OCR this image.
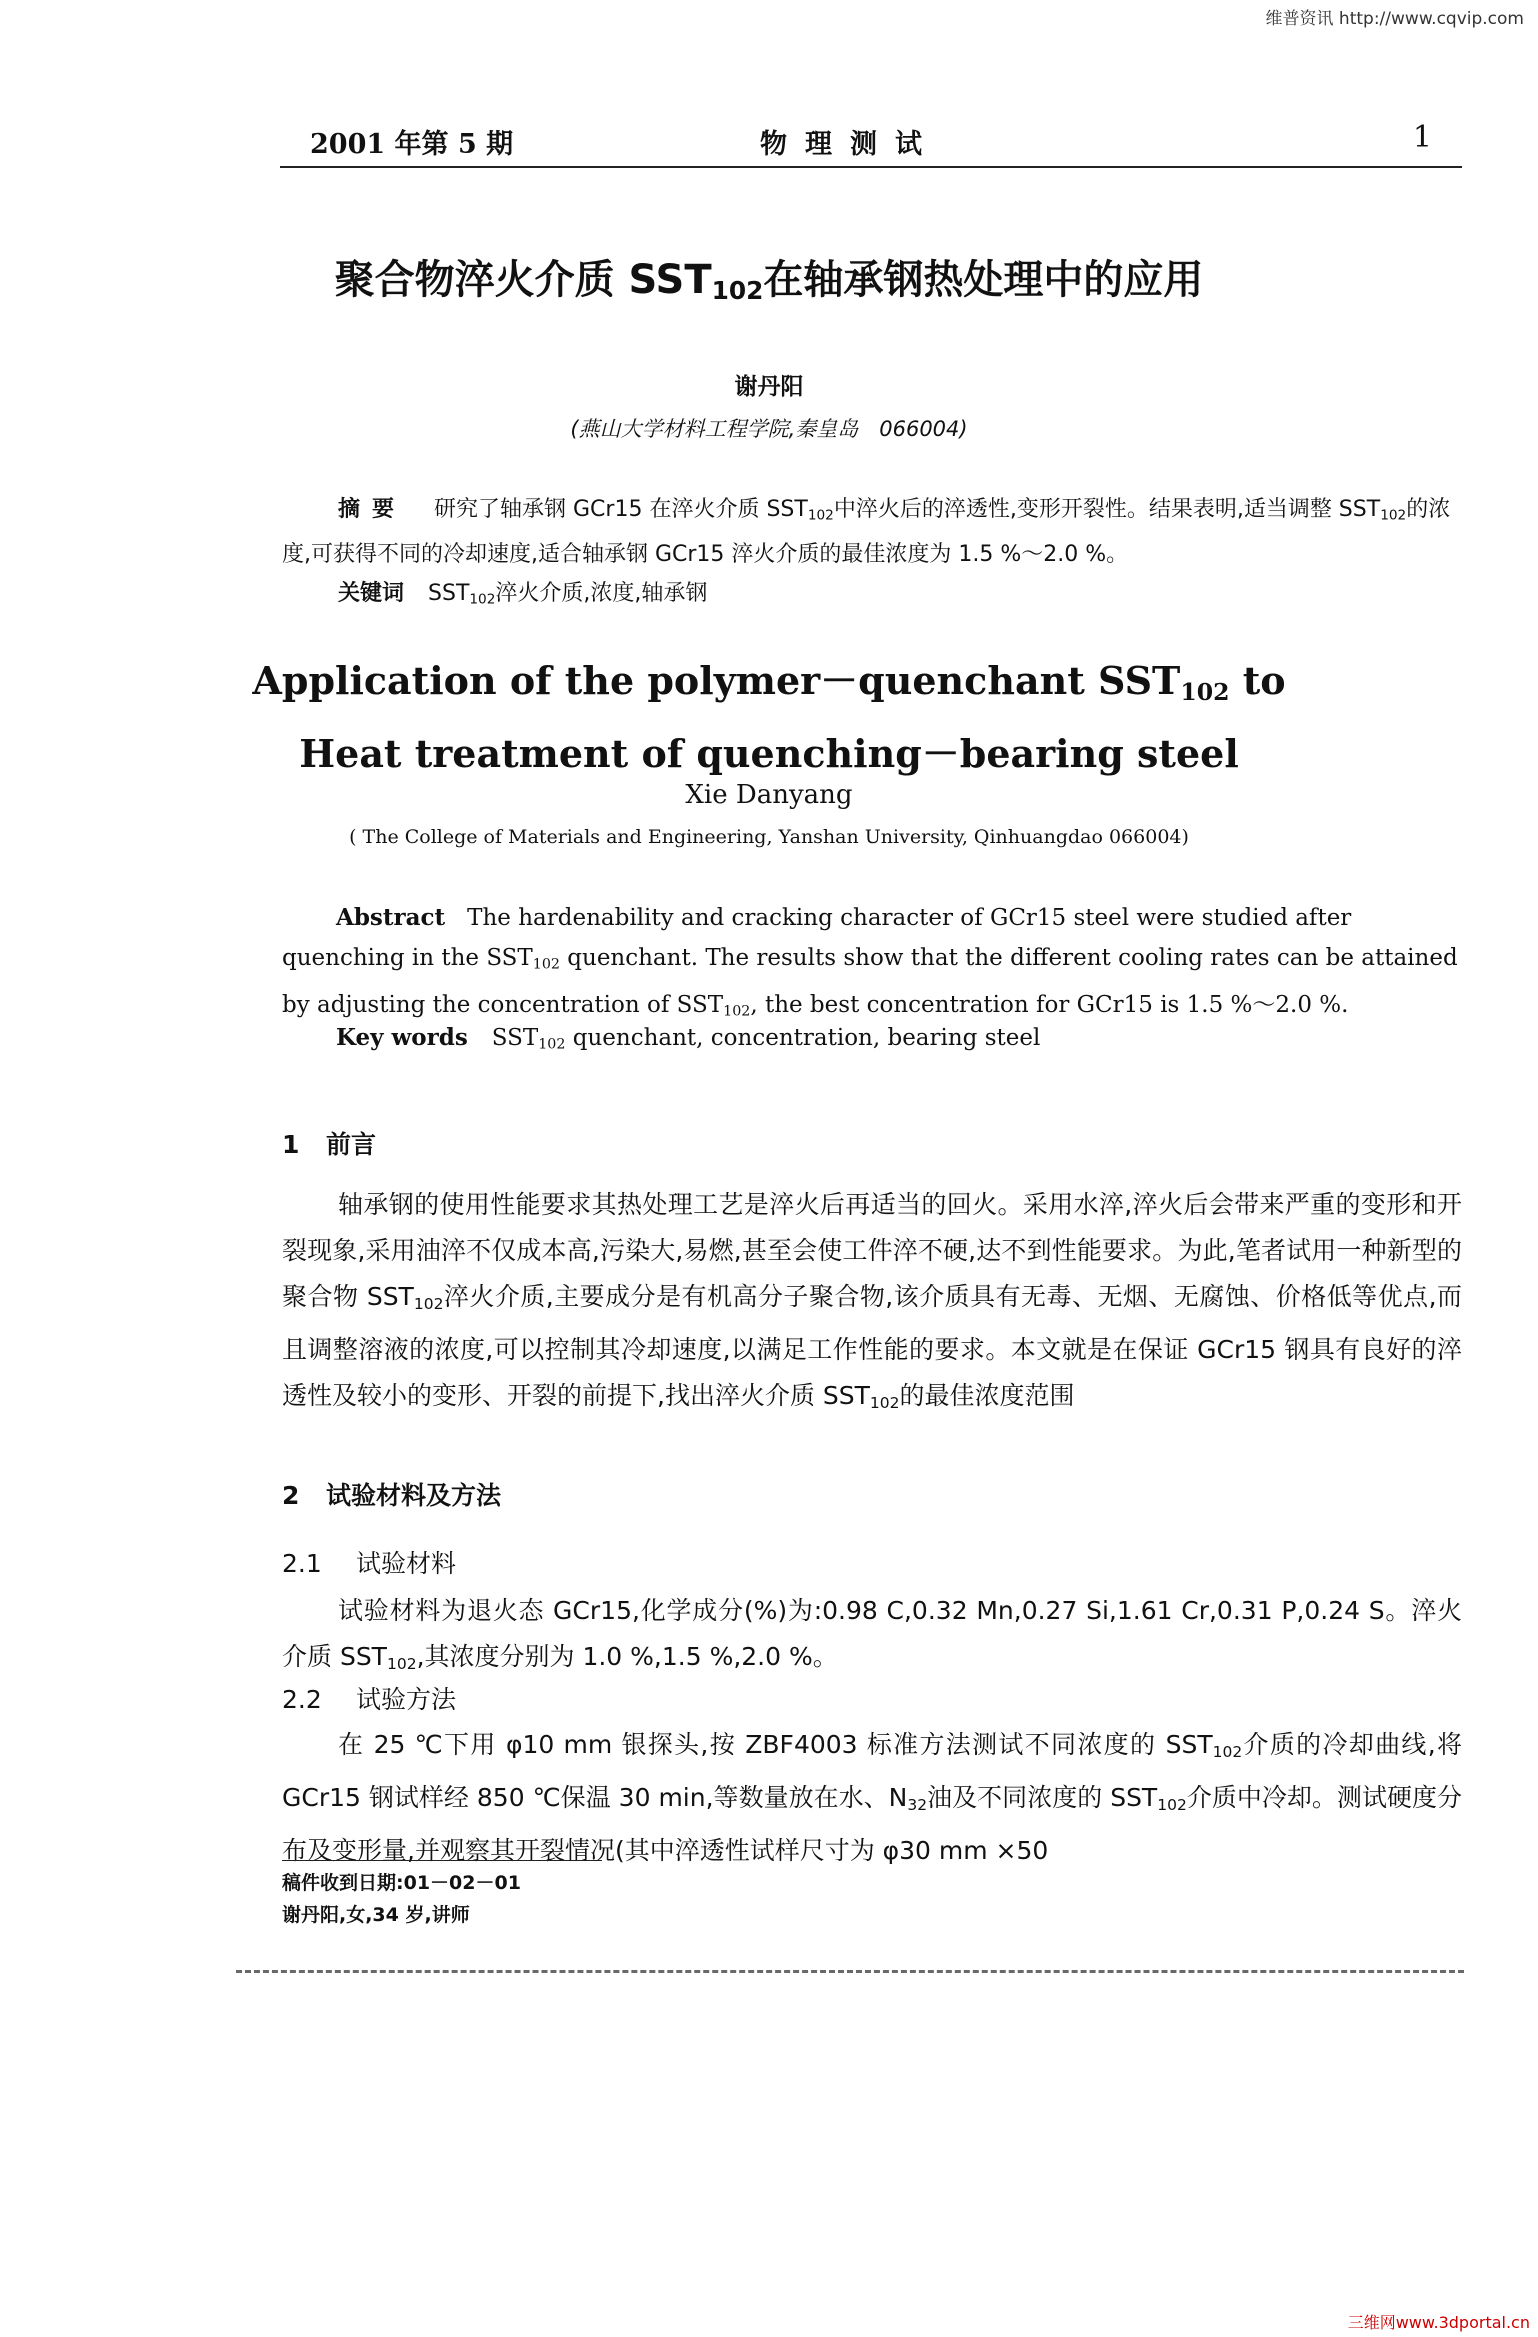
维普资讯 http://www.cqvip.com
2001 年第 5 期	物理测试	1
聚合物淬火介质 $SST_{102}$在轴承钢热处理中的应用
谢丹阳
(燕山大学材料工程学院,秦皇岛　066004)
摘要 研究了轴承钢 GCr15 在淬火介质 $SST_{102}$中淬火后的淬透性,变形开裂性。结果表明,适当调整 $SST_{102}$的浓度,可获得不同的冷却速度,适合轴承钢 GCr15 淬火介质的最佳浓度为 1.5 %～2.0 %。
关键词 $SST_{102}$淬火介质,浓度,轴承钢
Application of the polymer－quenchant $SST_{102}$ to
Heat treatment of quenching－bearing steel
Xie Danyang
( The College of Materials and Engineering, Yanshan University, Qinhuangdao 066004)
Abstract The hardenability and cracking character of GCr15 steel were studied after quenching in the $SST_{102}$ quenchant. The results show that the different cooling rates can be attained by adjusting the concentration of $SST_{102}$, the best concentration for GCr15 is 1.5 %～2.0 %.
Key words $SST_{102}$ quenchant, concentration, bearing steel
1 前言
轴承钢的使用性能要求其热处理工艺是淬火后再适当的回火。采用水淬,淬火后会带来严重的变形和开裂现象,采用油淬不仅成本高,污染大,易燃,甚至会使工件淬不硬,达不到性能要求。为此,笔者试用一种新型的聚合物 $SST_{102}$淬火介质,主要成分是有机高分子聚合物,该介质具有无毒、无烟、无腐蚀、价格低等优点,而且调整溶液的浓度,可以控制其冷却速度,以满足工作性能的要求。本文就是在保证 GCr15 钢具有良好的淬透性及较小的变形、开裂的前提下,找出淬火介质 $SST_{102}$的最佳浓度范围
2 试验材料及方法
2.1 试验材料
试验材料为退火态 GCr15,化学成分(%)为:0.98 C,0.32 Mn,0.27 Si,1.61 Cr,0.31 P,0.24 S。淬火介质 $SST_{102}$,其浓度分别为 1.0 %,1.5 %,2.0 %。
2.2 试验方法
在 25 ℃下用 φ10 mm 银探头,按 ZBF4003 标准方法测试不同浓度的 $SST_{102}$介质的冷却曲线,将 GCr15 钢试样经 850 ℃保温 30 min,等数量放在水、$N_{32}$油及不同浓度的 $SST_{102}$介质中冷却。测试硬度分布及变形量,并观察其开裂情况(其中淬透性试样尺寸为 φ30 mm ×50
稿件收到日期:01－02－01
谢丹阳,女,34 岁,讲师
三维网www.3dportal.cn
